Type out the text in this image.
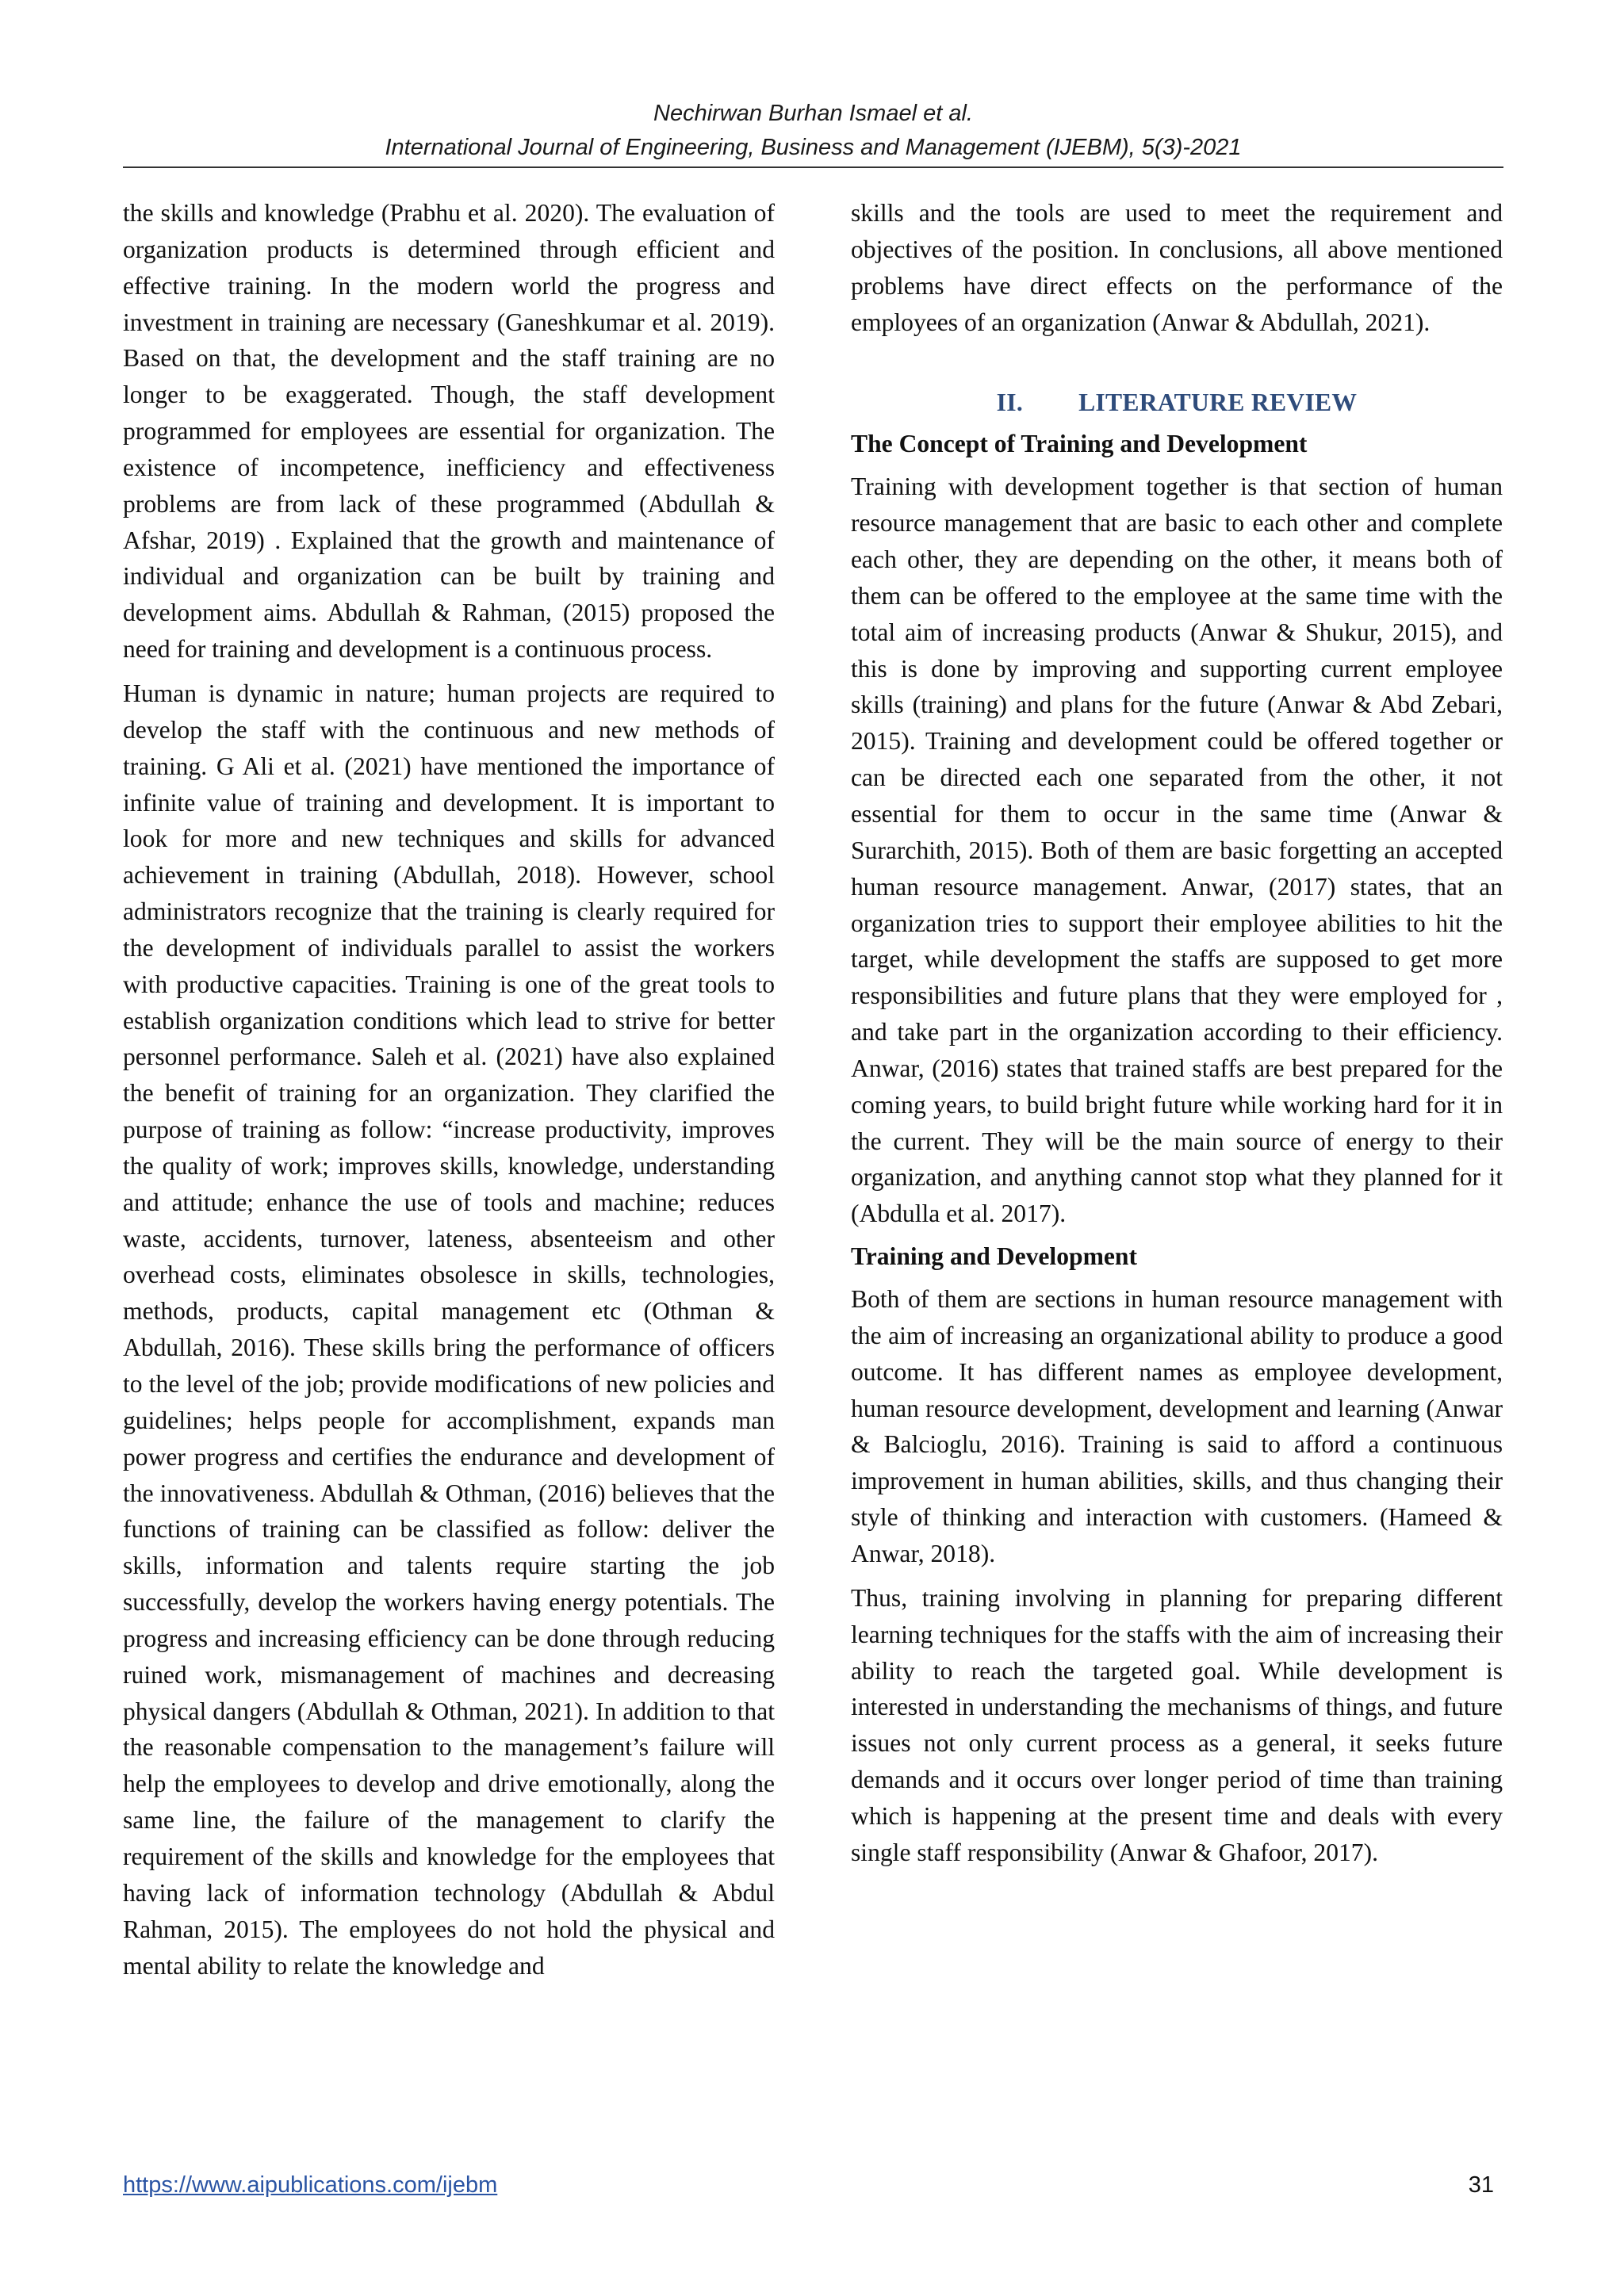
Nechirwan Burhan Ismael et al.
International Journal of Engineering, Business and Management (IJEBM), 5(3)-2021

the skills and knowledge (Prabhu et al. 2020). The evaluation of organization products is determined through efficient and effective training. In the modern world the progress and investment in training are necessary (Ganeshkumar et al. 2019). Based on that, the development and the staff training are no longer to be exaggerated. Though, the staff development programmed for employees are essential for organization. The existence of incompetence, inefficiency and effectiveness problems are from lack of these programmed (Abdullah & Afshar, 2019) . Explained that the growth and maintenance of individual and organization can be built by training and development aims. Abdullah & Rahman, (2015) proposed the need for training and development is a continuous process.

Human is dynamic in nature; human projects are required to develop the staff with the continuous and new methods of training. G Ali et al. (2021) have mentioned the importance of infinite value of training and development. It is important to look for more and new techniques and skills for advanced achievement in training (Abdullah, 2018). However, school administrators recognize that the training is clearly required for the development of individuals parallel to assist the workers with productive capacities. Training is one of the great tools to establish organization conditions which lead to strive for better personnel performance. Saleh et al. (2021) have also explained the benefit of training for an organization. They clarified the purpose of training as follow: “increase productivity, improves the quality of work; improves skills, knowledge, understanding and attitude; enhance the use of tools and machine; reduces waste, accidents, turnover, lateness, absenteeism and other overhead costs, eliminates obsolesce in skills, technologies, methods, products, capital management etc (Othman & Abdullah, 2016). These skills bring the performance of officers to the level of the job; provide modifications of new policies and guidelines; helps people for accomplishment, expands man power progress and certifies the endurance and development of the innovativeness. Abdullah & Othman, (2016) believes that the functions of training can be classified as follow: deliver the skills, information and talents require starting the job successfully, develop the workers having energy potentials. The progress and increasing efficiency can be done through reducing ruined work, mismanagement of machines and decreasing physical dangers (Abdullah & Othman, 2021). In addition to that the reasonable compensation to the management’s failure will help the employees to develop and drive emotionally, along the same line, the failure of the management to clarify the requirement of the skills and knowledge for the employees that having lack of information technology (Abdullah & Abdul Rahman, 2015). The employees do not hold the physical and mental ability to relate the knowledge and

skills and the tools are used to meet the requirement and objectives of the position. In conclusions, all above mentioned problems have direct effects on the performance of the employees of an organization (Anwar & Abdullah, 2021).

II. LITERATURE REVIEW
The Concept of Training and Development

Training with development together is that section of human resource management that are basic to each other and complete each other, they are depending on the other, it means both of them can be offered to the employee at the same time with the total aim of increasing products (Anwar & Shukur, 2015), and this is done by improving and supporting current employee skills (training) and plans for the future (Anwar & Abd Zebari, 2015). Training and development could be offered together or can be directed each one separated from the other, it not essential for them to occur in the same time (Anwar & Surarchith, 2015). Both of them are basic forgetting an accepted human resource management. Anwar, (2017) states, that an organization tries to support their employee abilities to hit the target, while development the staffs are supposed to get more responsibilities and future plans that they were employed for , and take part in the organization according to their efficiency. Anwar, (2016) states that trained staffs are best prepared for the coming years, to build bright future while working hard for it in the current. They will be the main source of energy to their organization, and anything cannot stop what they planned for it (Abdulla et al. 2017).

Training and Development

Both of them are sections in human resource management with the aim of increasing an organizational ability to produce a good outcome. It has different names as employee development, human resource development, development and learning (Anwar & Balcioglu, 2016). Training is said to afford a continuous improvement in human abilities, skills, and thus changing their style of thinking and interaction with customers. (Hameed & Anwar, 2018).

Thus, training involving in planning for preparing different learning techniques for the staffs with the aim of increasing their ability to reach the targeted goal. While development is interested in understanding the mechanisms of things, and future issues not only current process as a general, it seeks future demands and it occurs over longer period of time than training which is happening at the present time and deals with every single staff responsibility (Anwar & Ghafoor, 2017).

https://www.aipublications.com/ijebm	31
